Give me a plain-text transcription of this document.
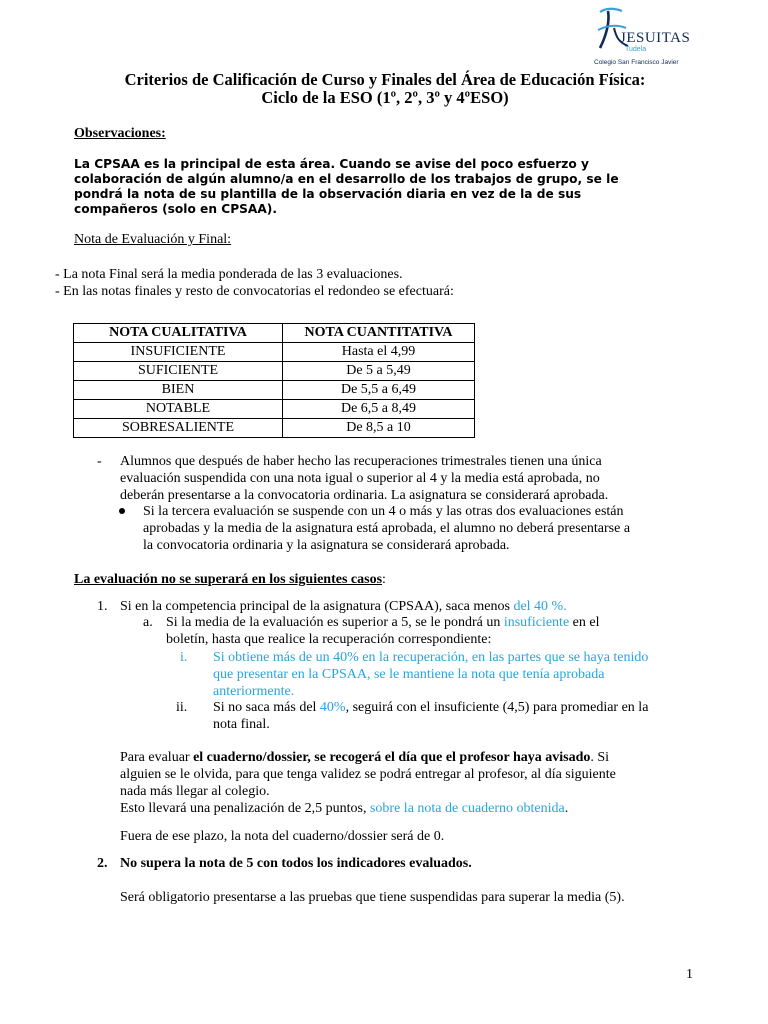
JESUITAS
Tudela
Colegio San Francisco Javier
Criterios de Calificación de Curso y Finales del Área de Educación Física:
Ciclo de la ESO (1º, 2º, 3º y 4ºESO)
Observaciones:
La CPSAA es la principal de esta área. Cuando se avise del poco esfuerzo y
colaboración de algún alumno/a en el desarrollo de los trabajos de grupo, se le
pondrá la nota de su plantilla de la observación diaria en vez de la de sus
compañeros (solo en CPSAA).
Nota de Evaluación y Final:
- La nota Final será la media ponderada de las 3 evaluaciones.
- En las notas finales y resto de convocatorias el redondeo se efectuará:
NOTA CUALITATIVA	NOTA CUANTITATIVA
INSUFICIENTE	Hasta el 4,99
SUFICIENTE	De 5 a 5,49
BIEN	De 5,5 a 6,49
NOTABLE	De 6,5 a 8,49
SOBRESALIENTE	De 8,5 a 10
- Alumnos que después de haber hecho las recuperaciones trimestrales tienen una única
evaluación suspendida con una nota igual o superior al 4 y la media está aprobada, no
deberán presentarse a la convocatoria ordinaria. La asignatura se considerará aprobada.
Si la tercera evaluación se suspende con un 4 o más y las otras dos evaluaciones están
aprobadas y la media de la asignatura está aprobada, el alumno no deberá presentarse a
la convocatoria ordinaria y la asignatura se considerará aprobada.
La evaluación no se superará en los siguientes casos:
1. Si en la competencia principal de la asignatura (CPSAA), saca menos del 40 %.
a. Si la media de la evaluación es superior a 5, se le pondrá un insuficiente en el
boletín, hasta que realice la recuperación correspondiente:
i. Si obtiene más de un 40% en la recuperación, en las partes que se haya tenido
que presentar en la CPSAA, se le mantiene la nota que tenía aprobada
anteriormente.
ii. Si no saca más del 40%, seguirá con el insuficiente (4,5) para promediar en la
nota final.
Para evaluar el cuaderno/dossier, se recogerá el día que el profesor haya avisado. Si
alguien se le olvida, para que tenga validez se podrá entregar al profesor, al día siguiente
nada más llegar al colegio.
Esto llevará una penalización de 2,5 puntos, sobre la nota de cuaderno obtenida.
Fuera de ese plazo, la nota del cuaderno/dossier será de 0.
2. No supera la nota de 5 con todos los indicadores evaluados.
Será obligatorio presentarse a las pruebas que tiene suspendidas para superar la media (5).
1
